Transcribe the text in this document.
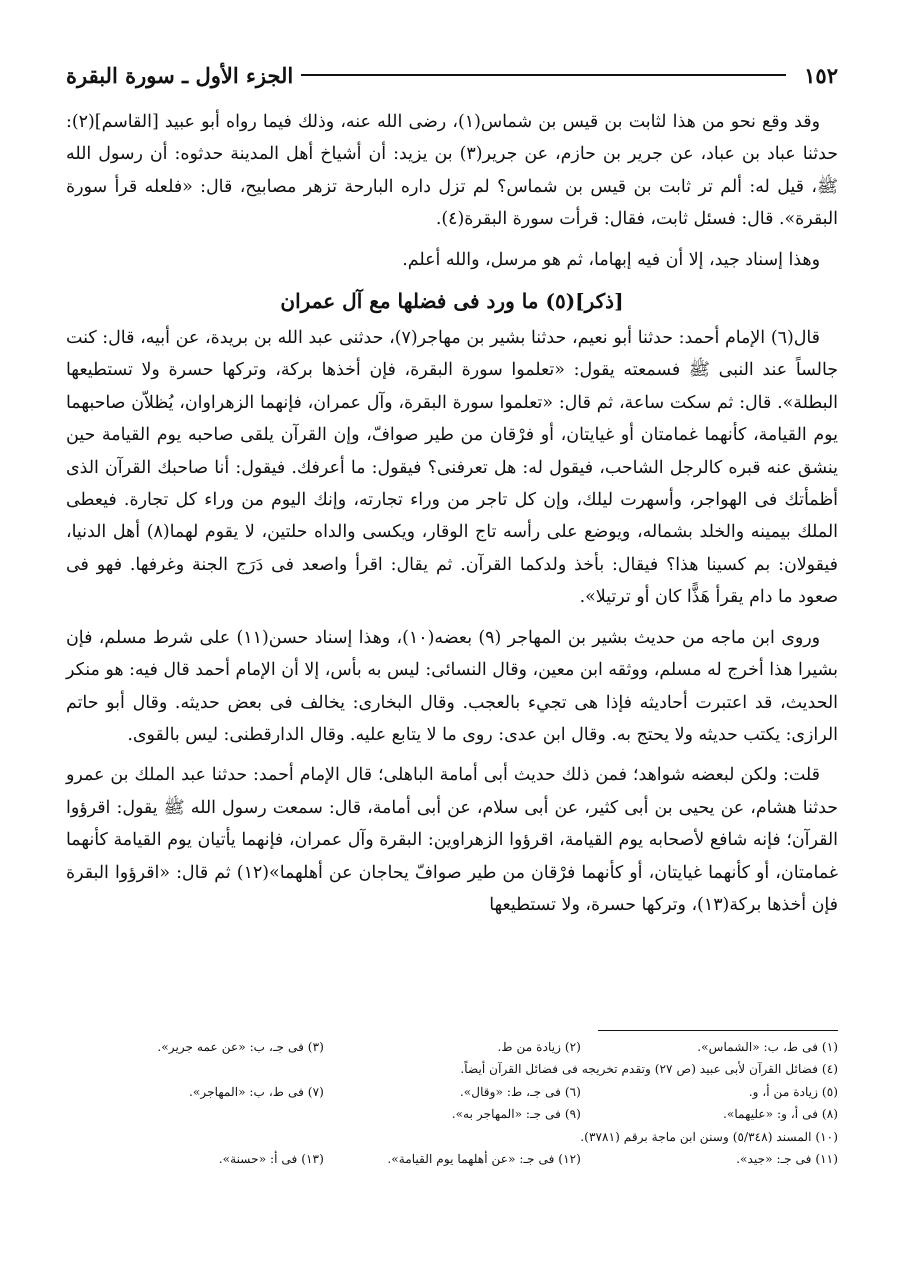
١٥٢
الجزء الأول ـ سورة البقرة

وقد وقع نحو من هذا لثابت بن قيس بن شماس(١)، رضى الله عنه، وذلك فيما رواه أبو عبيد [القاسم](٢): حدثنا عباد بن عباد، عن جرير بن حازم، عن جرير(٣) بن يزيد: أن أشياخ أهل المدينة حدثوه: أن رسول الله ﷺ، قيل له: ألم تر ثابت بن قيس بن شماس؟ لم تزل داره البارحة تزهر مصابيح، قال: «فلعله قرأ سورة البقرة». قال: فسئل ثابت، فقال: قرأت سورة البقرة(٤).

وهذا إسناد جيد، إلا أن فيه إبهاما، ثم هو مرسل، والله أعلم.

[ذكر](٥) ما ورد فى فضلها مع آل عمران

قال(٦) الإمام أحمد: حدثنا أبو نعيم، حدثنا بشير بن مهاجر(٧)، حدثنى عبد الله بن بريدة، عن أبيه، قال: كنت جالساً عند النبى ﷺ فسمعته يقول: «تعلموا سورة البقرة، فإن أخذها بركة، وتركها حسرة ولا تستطيعها البطلة». قال: ثم سكت ساعة، ثم قال: «تعلموا سورة البقرة، وآل عمران، فإنهما الزهراوان، يُظلاّن صاحبهما يوم القيامة، كأنهما غمامتان أو غيايتان، أو فرْقان من طير صوافّ، وإن القرآن يلقى صاحبه يوم القيامة حين ينشق عنه قبره كالرجل الشاحب، فيقول له: هل تعرفنى؟ فيقول: ما أعرفك. فيقول: أنا صاحبك القرآن الذى أظمأتك فى الهواجر، وأسهرت ليلك، وإن كل تاجر من وراء تجارته، وإنك اليوم من وراء كل تجارة. فيعطى الملك بيمينه والخلد بشماله، ويوضع على رأسه تاج الوقار، ويكسى والداه حلتين، لا يقوم لهما(٨) أهل الدنيا، فيقولان: بم كسينا هذا؟ فيقال: بأخذ ولدكما القرآن. ثم يقال: اقرأ واصعد فى دَرَج الجنة وغرفها. فهو فى صعود ما دام يقرأ هَذًّا كان أو ترتيلا».

وروى ابن ماجه من حديث بشير بن المهاجر (٩) بعضه(١٠)، وهذا إسناد حسن(١١) على شرط مسلم، فإن بشيرا هذا أخرج له مسلم، ووثقه ابن معين، وقال النسائى: ليس به بأس، إلا أن الإمام أحمد قال فيه: هو منكر الحديث، قد اعتبرت أحاديثه فإذا هى تجيء بالعجب. وقال البخارى: يخالف فى بعض حديثه. وقال أبو حاتم الرازى: يكتب حديثه ولا يحتج به. وقال ابن عدى: روى ما لا يتابع عليه. وقال الدارقطنى: ليس بالقوى.

قلت: ولكن لبعضه شواهد؛ فمن ذلك حديث أبى أمامة الباهلى؛ قال الإمام أحمد: حدثنا عبد الملك بن عمرو حدثنا هشام، عن يحيى بن أبى كثير، عن أبى سلام، عن أبى أمامة، قال: سمعت رسول الله ﷺ يقول: اقرؤوا القرآن؛ فإنه شافع لأصحابه يوم القيامة، اقرؤوا الزهراوين: البقرة وآل عمران، فإنهما يأتيان يوم القيامة كأنهما غمامتان، أو كأنهما غيايتان، أو كأنهما فرْقان من طير صوافّ يحاجان عن أهلهما»(١٢) ثم قال: «اقرؤوا البقرة فإن أخذها بركة(١٣)، وتركها حسرة، ولا تستطيعها

(١) فى ط، ب: «الشماس».
(٢) زيادة من ط.
(٣) فى جـ، ب: «عن عمه جرير».
(٤) فضائل القرآن لأبى عبيد (ص ٢٧) وتقدم تخريجه فى فضائل القرآن أيضاً.
(٥) زيادة من أ، و.
(٦) فى جـ، ط: «وقال».
(٧) فى ط، ب: «المهاجر».
(٨) فى أ، و: «عليهما».
(٩) فى جـ: «المهاجر به».
(١٠) المسند (٥/٣٤٨) وسنن ابن ماجة برقم (٣٧٨١).
(١١) فى جـ: «جيد».
(١٢) فى جـ: «عن أهلهما يوم القيامة».
(١٣) فى أ: «حسنة».
